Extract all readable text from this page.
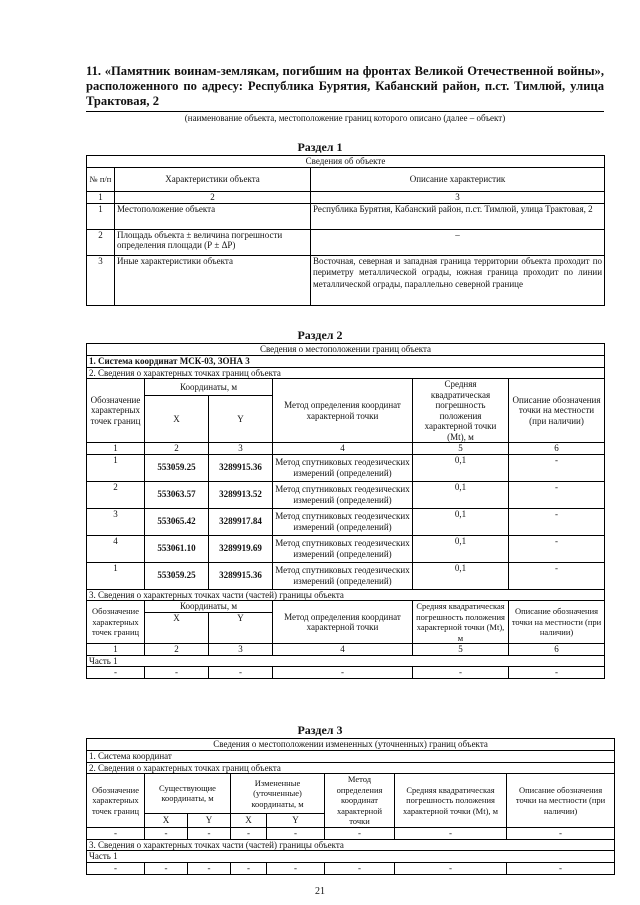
11. «Памятник воинам-землякам, погибшим на фронтах Великой Отечественной войны», расположенного по адресу: Республика Бурятия, Кабанский район, п.ст. Тимлюй, улица Трактовая, 2
(наименование объекта, местоположение границ которого описано (далее – объект)
Раздел 1
Сведения об объекте		
№ п/п	Характеристики объекта	Описание характеристик
1	2	3
1	Местоположение объекта	Республика Бурятия, Кабанский район, п.ст. Тимлюй, улица Трактовая, 2
2	Площадь объекта ± величина погрешности определения площади (Р ± ΔР)	–
3	Иные характеристики объекта	Восточная, северная и западная граница территории объекта проходит по периметру металлической ограды, южная граница проходит по линии металлической ограды, параллельно северной границе
Раздел 2
Сведения о местоположении границ объекта					
1. Система координат МСК-03, ЗОНА 3					
2. Сведения о характерных точках границ объекта					
Обозначение характерных точек границ	Координаты, м		Метод определения координат характерной точки	Средняя квадратическая погрешность положения характерной точки (Mt), м	Описание обозначения точки на местности (при наличии)
	X	Y			
1	2	3	4	5	6
1	553059.25	3289915.36	Метод спутниковых геодезических измерений (определений)	0,1	-
2	553063.57	3289913.52	Метод спутниковых геодезических измерений (определений)	0,1	-
3	553065.42	3289917.84	Метод спутниковых геодезических измерений (определений)	0,1	-
4	553061.10	3289919.69	Метод спутниковых геодезических измерений (определений)	0,1	-
1	553059.25	3289915.36	Метод спутниковых геодезических измерений (определений)	0,1	-
3. Сведения о характерных точках части (частей) границы объекта					
Обозначение характерных точек границ	Координаты, м		Метод определения координат характерной точки	Средняя квадратическая погрешность положения характерной точки (Mt), м	Описание обозначения точки на местности (при наличии)
	X	Y			
1	2	3	4	5	6
Часть 1					
-	-	-	-	-	-
Раздел 3
Сведения о местоположении измененных (уточненных) границ объекта							
1. Система координат							
2. Сведения о характерных точках границ объекта							
Обозначение характерных точек границ	Существующие координаты, м		Измененные (уточненные) координаты, м		Метод определения координат характерной точки	Средняя квадратическая погрешность положения характерной точки (Mt), м	Описание обозначения точки на местности (при наличии)
	X	Y	X	Y			
-	-	-	-	-	-	-	-
3. Сведения о характерных точках части (частей) границы объекта							
Часть 1							
-	-	-	-	-	-	-	-
21
